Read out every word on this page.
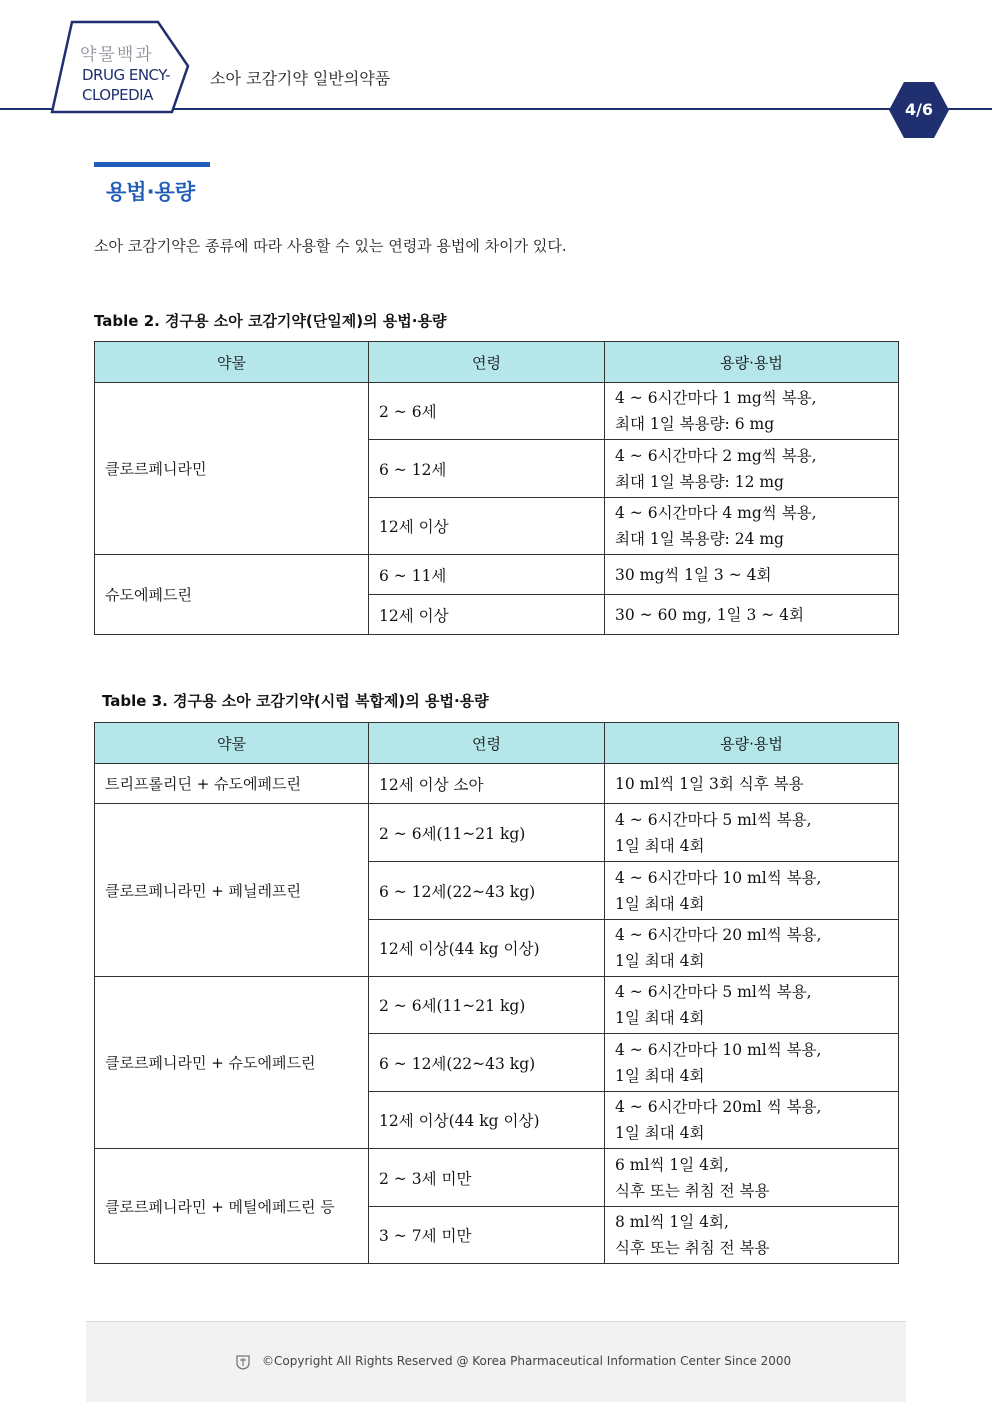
약물백과
DRUG ENCY-
CLOPEDIA
소아 코감기약 일반의약품
4/6
용법·용량
소아 코감기약은 종류에 따라 사용할 수 있는 연령과 용법에 차이가 있다.
Table 2. 경구용 소아 코감기약(단일제)의 용법·용량
약물	연령	용량·용법
클로르페니라민	2 ~ 6세	4 ~ 6시간마다 1 mg씩 복용,
최대 1일 복용량: 6 mg

	6 ~ 12세	4 ~ 6시간마다 2 mg씩 복용,
최대 1일 복용량: 12 mg

	12세 이상	4 ~ 6시간마다 4 mg씩 복용,
최대 1일 복용량: 24 mg

슈도에페드린	6 ~ 11세	30 mg씩 1일 3 ~ 4회

	12세 이상	30 ~ 60 mg, 1일 3 ~ 4회
Table 3. 경구용 소아 코감기약(시럽 복합제)의 용법·용량
약물	연령	용량·용법
트리프롤리딘 + 슈도에페드린	12세 이상 소아	10 ml씩 1일 3회 식후 복용

클로르페니라민 + 페닐레프린	2 ~ 6세(11~21 kg)	4 ~ 6시간마다 5 ml씩 복용,
1일 최대 4회

	6 ~ 12세(22~43 kg)	4 ~ 6시간마다 10 ml씩 복용,
1일 최대 4회

	12세 이상(44 kg 이상)	4 ~ 6시간마다 20 ml씩 복용,
1일 최대 4회

클로르페니라민 + 슈도에페드린	2 ~ 6세(11~21 kg)	4 ~ 6시간마다 5 ml씩 복용,
1일 최대 4회

	6 ~ 12세(22~43 kg)	4 ~ 6시간마다 10 ml씩 복용,
1일 최대 4회

	12세 이상(44 kg 이상)	4 ~ 6시간마다 20ml 씩 복용,
1일 최대 4회

클로르페니라민 + 메틸에페드린 등	2 ~ 3세 미만	6 ml씩 1일 4회,
식후 또는 취침 전 복용

	3 ~ 7세 미만	8 ml씩 1일 4회,
식후 또는 취침 전 복용
©Copyright All Rights Reserved @ Korea Pharmaceutical Information Center Since 2000
